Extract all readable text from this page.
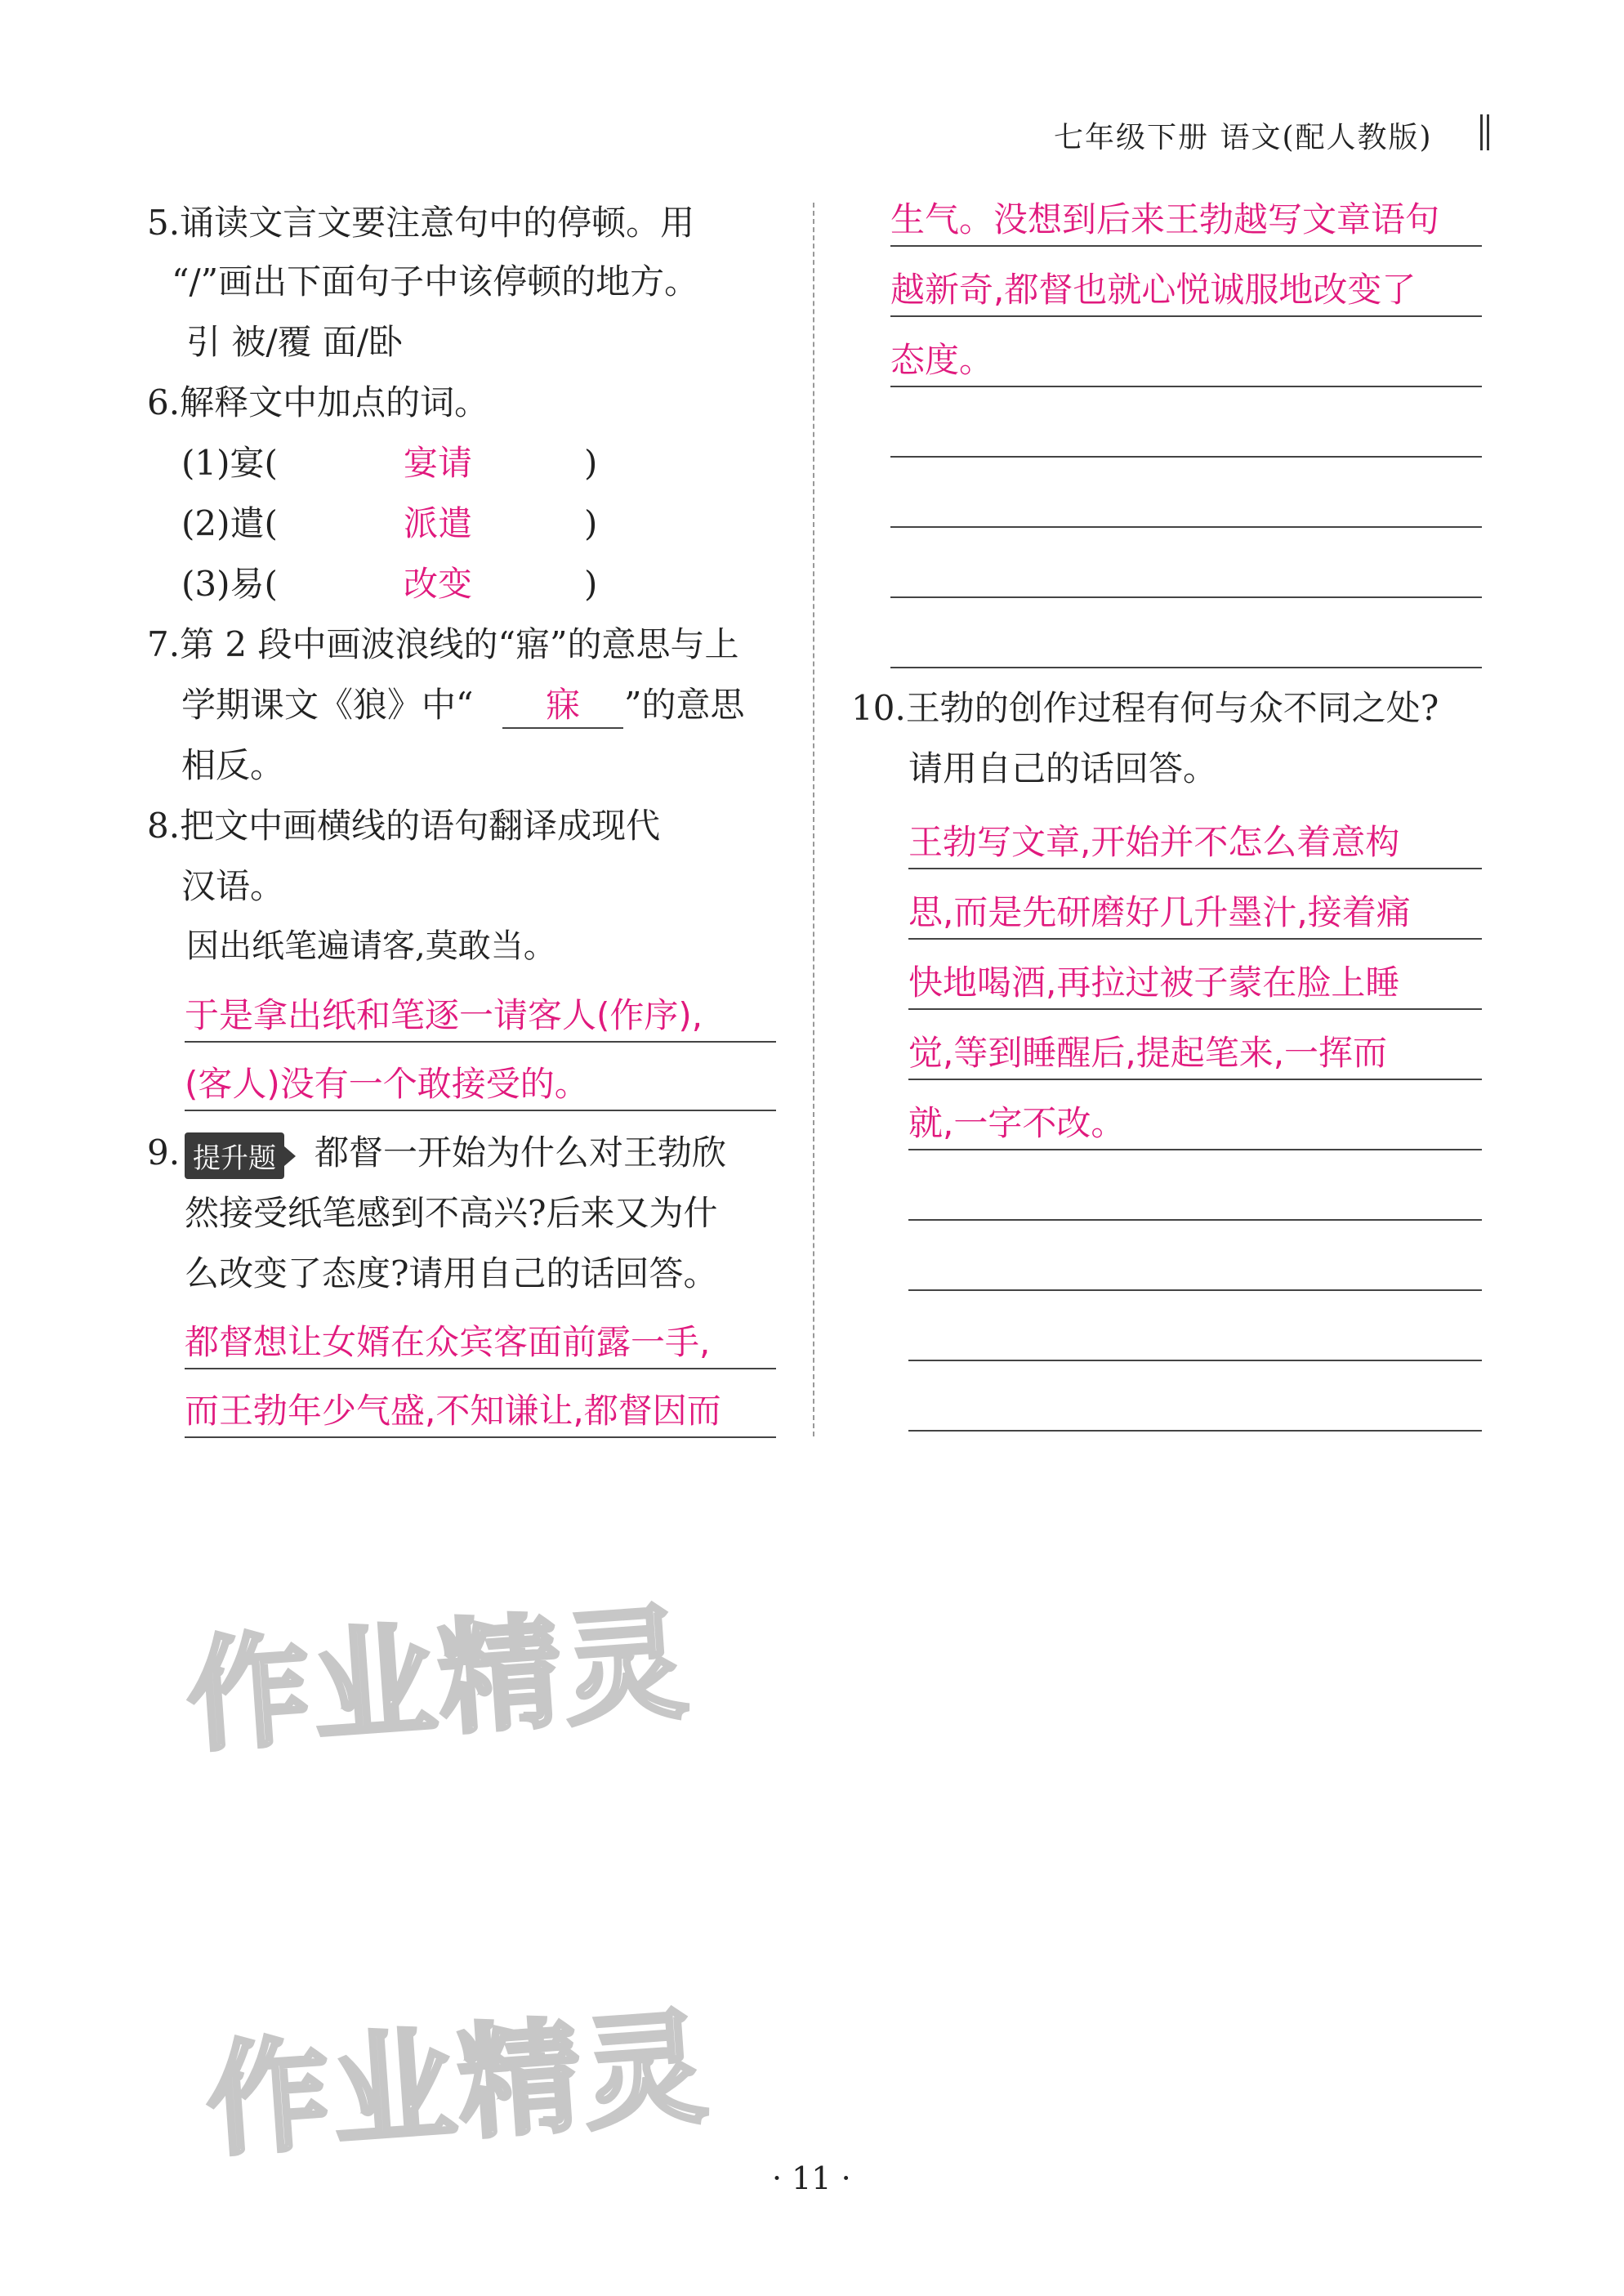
七年级下册 语文(配人教版)
5.诵读文言文要注意句中的停顿。用
“/”画出下面句子中该停顿的地方。
引 被/覆 面/卧
6.解释文中加点的词。
(1)宴(	宴请	)
(2)遣(	派遣	)
(3)易(	改变	)
7.第 2 段中画波浪线的“寤”的意思与上
学期课文《狼》中“ 寐 ”的意思
相反。
8.把文中画横线的语句翻译成现代
汉语。
因出纸笔遍请客,莫敢当。
于是拿出纸和笔逐一请客人(作序),
(客人)没有一个敢接受的。
9. 提升题 都督一开始为什么对王勃欣
然接受纸笔感到不高兴?后来又为什
么改变了态度?请用自己的话回答。
都督想让女婿在众宾客面前露一手,
而王勃年少气盛,不知谦让,都督因而
生气。没想到后来王勃越写文章语句
越新奇,都督也就心悦诚服地改变了
态度。
10.王勃的创作过程有何与众不同之处?
请用自己的话回答。
王勃写文章,开始并不怎么着意构
思,而是先研磨好几升墨汁,接着痛
快地喝酒,再拉过被子蒙在脸上睡
觉,等到睡醒后,提起笔来,一挥而
就,一字不改。
作业精灵
作业精灵
· 11 ·
